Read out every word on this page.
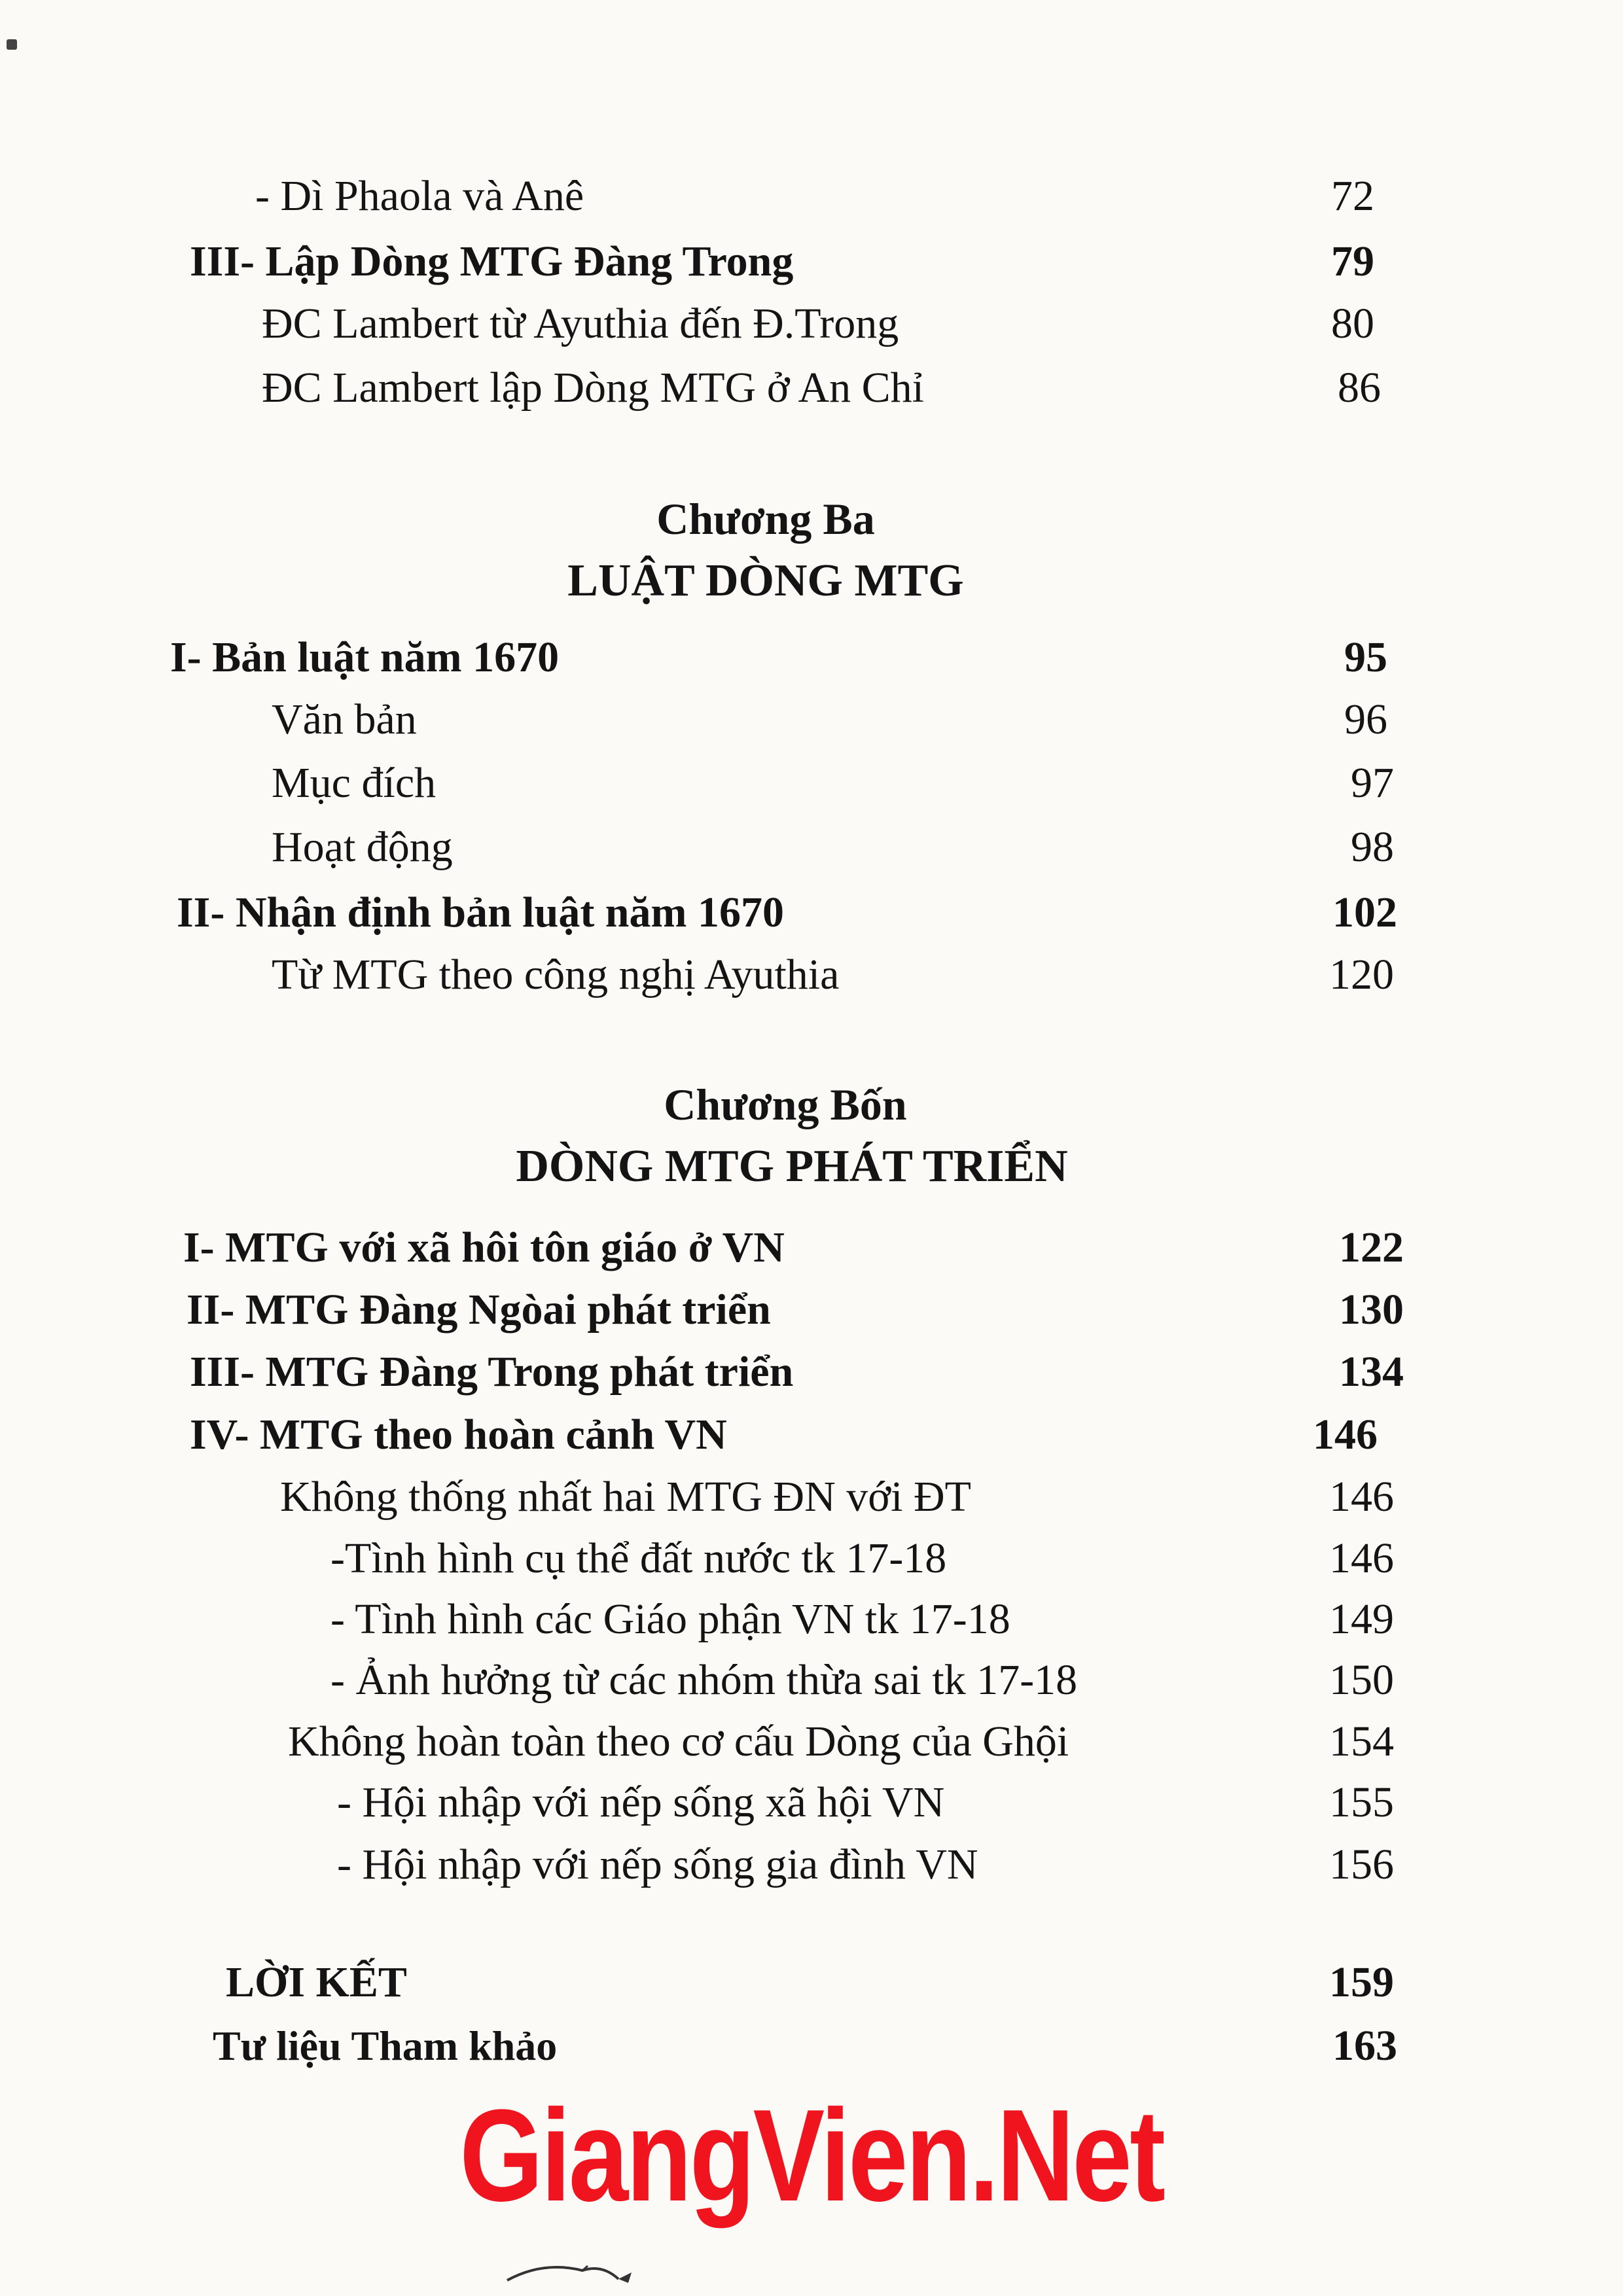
- Dì Phaola và Anê	72
III- Lập Dòng MTG Đàng Trong	79
ĐC Lambert từ Ayuthia đến Đ.Trong	80
ĐC Lambert lập Dòng MTG ở An Chỉ	86
Chương Ba
LUẬT DÒNG MTG
I- Bản luật năm 1670	95
Văn bản	96
Mục đích	97
Hoạt động	98
II- Nhận định bản luật năm 1670	102
Từ MTG theo công nghị Ayuthia	120
Chương Bốn
DÒNG MTG PHÁT TRIỂN
I- MTG với xã hôi tôn giáo ở VN	122
II- MTG Đàng Ngòai phát triển	130
III- MTG Đàng Trong phát triển	134
IV- MTG theo hoàn cảnh VN	146
Không thống nhất hai MTG ĐN với ĐT	146
-Tình hình cụ thể đất nước tk 17-18	146
- Tình hình các Giáo phận VN tk 17-18	149
- Ảnh hưởng từ các nhóm thừa sai tk 17-18	150
Không hoàn toàn theo cơ cấu Dòng của Ghội	154
- Hội nhập với nếp sống xã hội VN	155
- Hội nhập với nếp sống gia đình VN	156
LỜI KẾT	159
Tư liệu Tham khảo	163
GiangVien.Net
